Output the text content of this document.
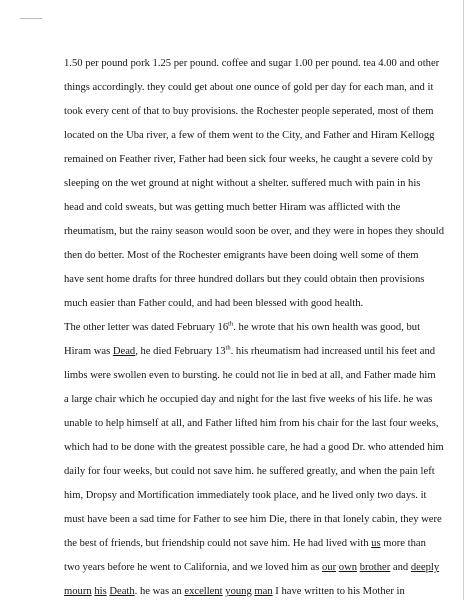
1.50 per pound pork 1.25 per pound. coffee and sugar 1.00 per pound. tea 4.00 and other
things accordingly. they could get about one ounce of gold per day for each man, and it
took every cent of that to buy provisions. the Rochester people seperated, most of them
located on the Uba river, a few of them went to the City, and Father and Hiram Kellogg
remained on Feather river, Father had been sick four weeks, he caught a severe cold by
sleeping on the wet ground at night without a shelter. suffered much with pain in his
head and cold sweats, but was getting much better Hiram was afflicted with the
rheumatism, but the rainy season would soon be over, and they were in hopes they should
then do better. Most of the Rochester emigrants have been doing well some of them
have sent home drafts for three hundred dollars but they could obtain then provisions
much easier than Father could, and had been blessed with good health.
The other letter was dated February 16th. he wrote that his own health was good, but
Hiram was Dead, he died February 13th. his rheumatism had increased until his feet and
limbs were swollen even to bursting. he could not lie in bed at all, and Father made him
a large chair which he occupied day and night for the last five weeks of his life. he was
unable to help himself at all, and Father lifted him from his chair for the last four weeks,
which had to be done with the greatest possible care, he had a good Dr. who attended him
daily for four weeks, but could not save him. he suffered greatly, and when the pain left
him, Dropsy and Mortification immediately took place, and he lived only two days. it
must have been a sad time for Father to see him Die, there in that lonely cabin, they were
the best of friends, but friendship could not save him. He had lived with us more than
two years before he went to California, and we loved him as our own brother and deeply
mourn his Death. he was an excellent young man I have written to his Mother in
